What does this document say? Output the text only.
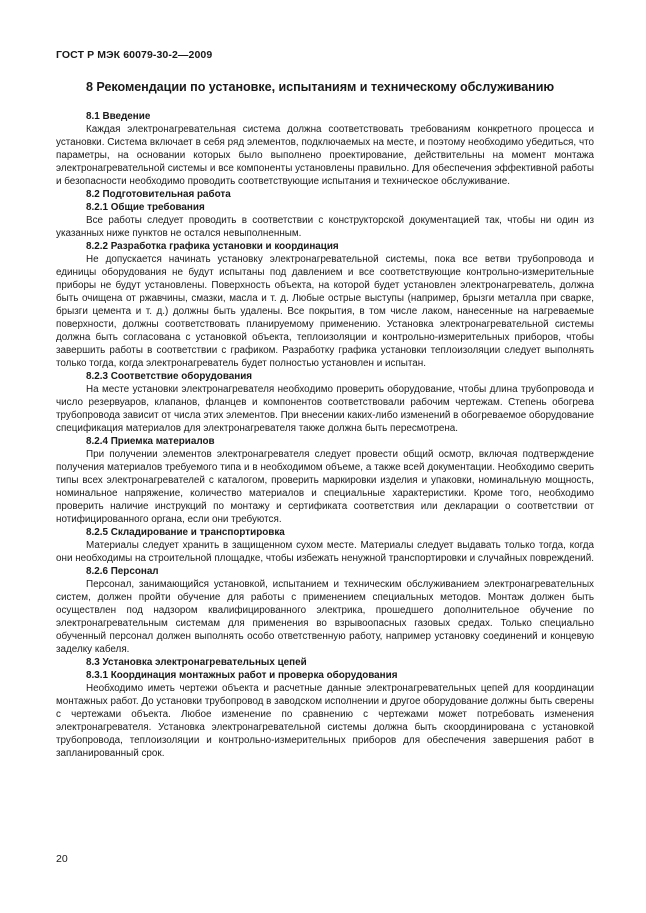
ГОСТ Р МЭК 60079-30-2—2009
8 Рекомендации по установке, испытаниям и техническому обслуживанию
8.1 Введение
Каждая электронагревательная система должна соответствовать требованиям конкретного процесса и установки. Система включает в себя ряд элементов, подключаемых на месте, и поэтому необходимо убедиться, что параметры, на основании которых было выполнено проектирование, действительны на момент монтажа электронагревательной системы и все компоненты установлены правильно. Для обеспечения эффективной работы и безопасности необходимо проводить соответствующие испытания и техническое обслуживание.
8.2 Подготовительная работа
8.2.1 Общие требования
Все работы следует проводить в соответствии с конструкторской документацией так, чтобы ни один из указанных ниже пунктов не остался невыполненным.
8.2.2 Разработка графика установки и координация
Не допускается начинать установку электронагревательной системы, пока все ветви трубопровода и единицы оборудования не будут испытаны под давлением и все соответствующие контрольно-измерительные приборы не будут установлены. Поверхность объекта, на которой будет установлен электронагреватель, должна быть очищена от ржавчины, смазки, масла и т. д. Любые острые выступы (например, брызги металла при сварке, брызги цемента и т. д.) должны быть удалены. Все покрытия, в том числе лаком, нанесенные на нагреваемые поверхности, должны соответствовать планируемому применению. Установка электронагревательной системы должна быть согласована с установкой объекта, теплоизоляции и контрольно-измерительных приборов, чтобы завершить работы в соответствии с графиком. Разработку графика установки теплоизоляции следует выполнять только тогда, когда электронагреватель будет полностью установлен и испытан.
8.2.3 Соответствие оборудования
На месте установки электронагревателя необходимо проверить оборудование, чтобы длина трубопровода и число резервуаров, клапанов, фланцев и компонентов соответствовали рабочим чертежам. Степень обогрева трубопровода зависит от числа этих элементов. При внесении каких-либо изменений в обогреваемое оборудование спецификация материалов для электронагревателя также должна быть пересмотрена.
8.2.4 Приемка материалов
При получении элементов электронагревателя следует провести общий осмотр, включая подтверждение получения материалов требуемого типа и в необходимом объеме, а также всей документации. Необходимо сверить типы всех электронагревателей с каталогом, проверить маркировки изделия и упаковки, номинальную мощность, номинальное напряжение, количество материалов и специальные характеристики. Кроме того, необходимо проверить наличие инструкций по монтажу и сертификата соответствия или декларации о соответствии от нотифицированного органа, если они требуются.
8.2.5 Складирование и транспортировка
Материалы следует хранить в защищенном сухом месте. Материалы следует выдавать только тогда, когда они необходимы на строительной площадке, чтобы избежать ненужной транспортировки и случайных повреждений.
8.2.6 Персонал
Персонал, занимающийся установкой, испытанием и техническим обслуживанием электронагревательных систем, должен пройти обучение для работы с применением специальных методов. Монтаж должен быть осуществлен под надзором квалифицированного электрика, прошедшего дополнительное обучение по электронагревательным системам для применения во взрывоопасных газовых средах. Только специально обученный персонал должен выполнять особо ответственную работу, например установку соединений и концевую заделку кабеля.
8.3 Установка электронагревательных цепей
8.3.1 Координация монтажных работ и проверка оборудования
Необходимо иметь чертежи объекта и расчетные данные электронагревательных цепей для координации монтажных работ. До установки трубопровод в заводском исполнении и другое оборудование должны быть сверены с чертежами объекта. Любое изменение по сравнению с чертежами может потребовать изменения электронагревателя. Установка электронагревательной системы должна быть скоординирована с установкой трубопровода, теплоизоляции и контрольно-измерительных приборов для обеспечения завершения работ в запланированный срок.
20
